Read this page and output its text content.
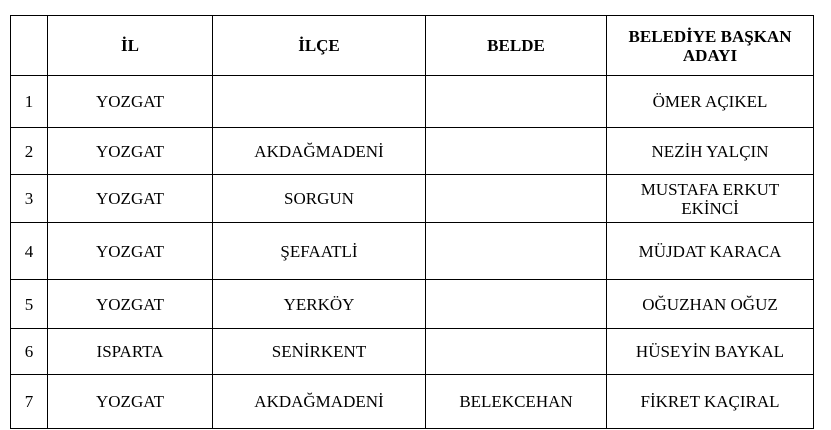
	İL	İLÇE	BELDE	BELEDİYE BAŞKAN ADAYI
1	YOZGAT			ÖMER AÇIKEL
2	YOZGAT	AKDAĞMADENİ		NEZİH YALÇIN
3	YOZGAT	SORGUN		MUSTAFA ERKUT EKİNCİ
4	YOZGAT	ŞEFAATLİ		MÜJDAT KARACA
5	YOZGAT	YERKÖY		OĞUZHAN OĞUZ
6	ISPARTA	SENİRKENT		HÜSEYİN BAYKAL
7	YOZGAT	AKDAĞMADENİ	BELEKCEHAN	FİKRET KAÇIRAL
